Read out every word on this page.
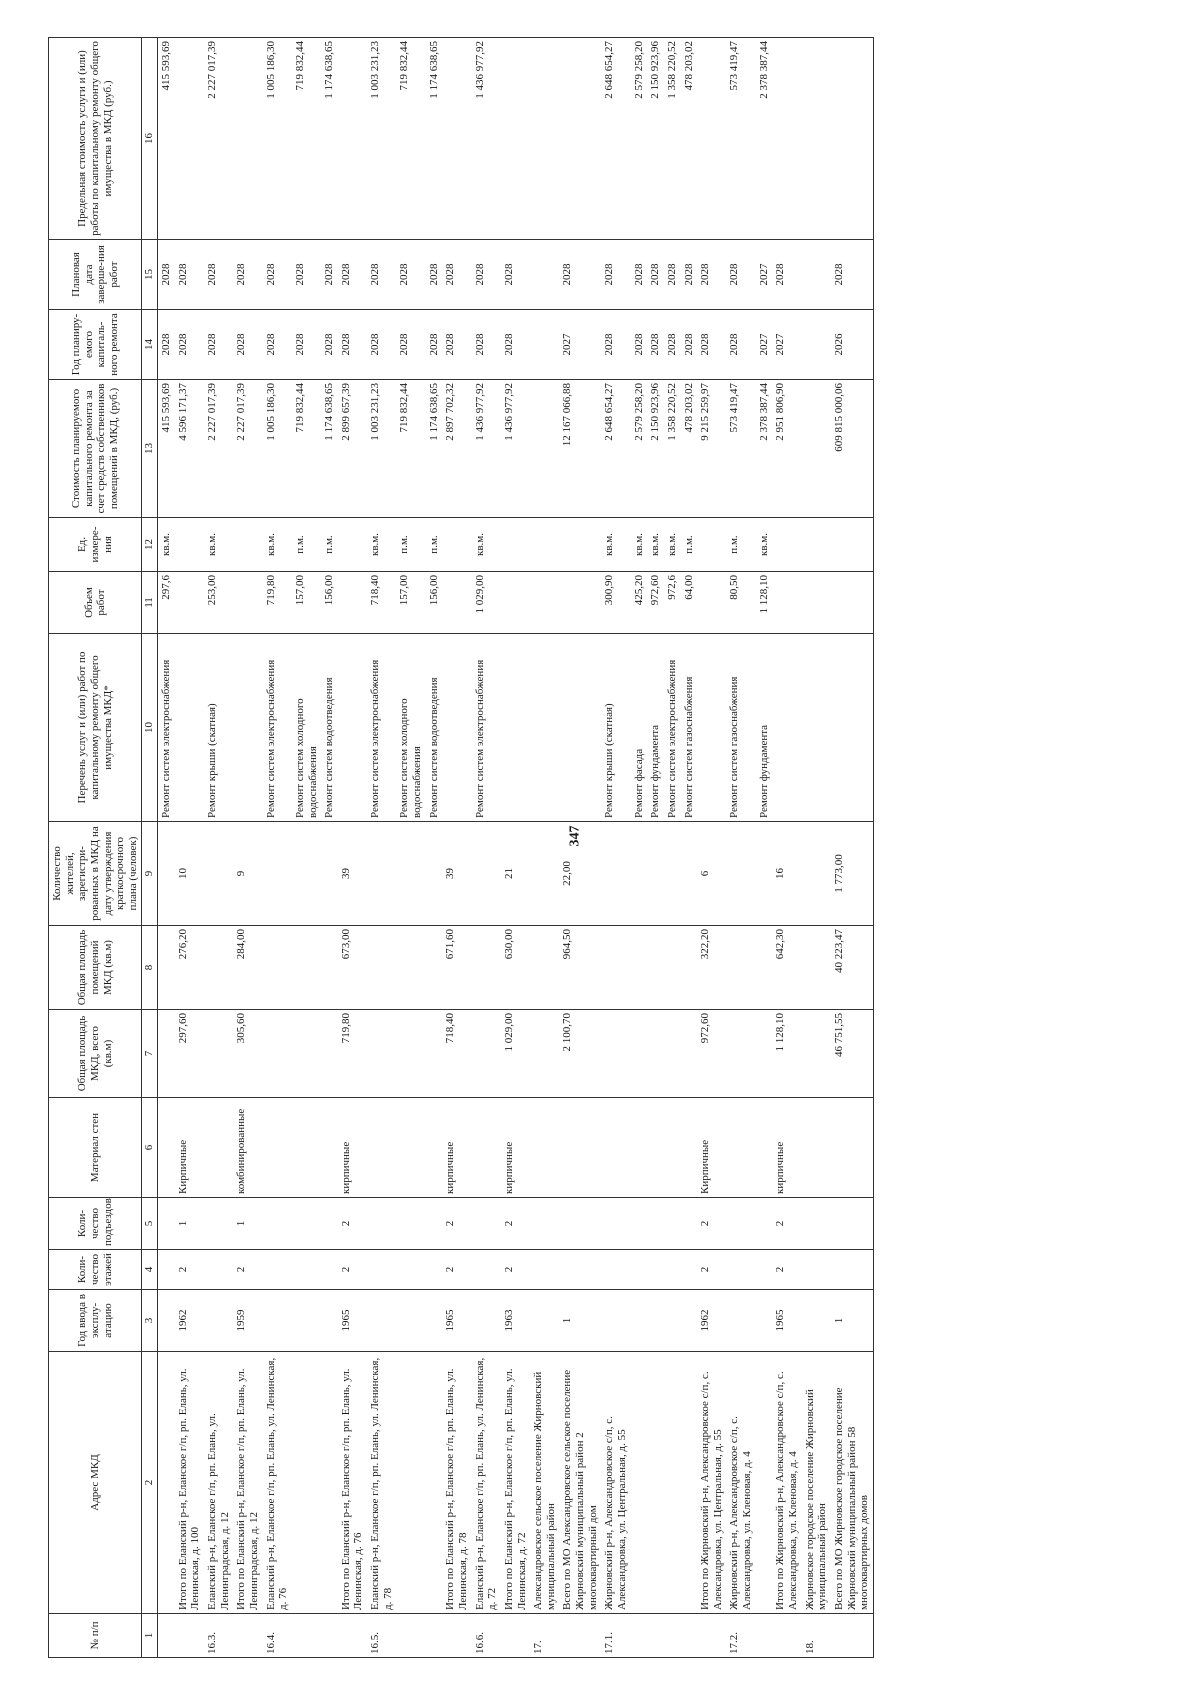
347
№ п/п	Адрес МКД	Год ввода в эксплу-атацию	Коли-чество этажей	Коли-чество подъездов	Материал стен	Общая площадь МКД, всего (кв.м)	Общая площадь помещений МКД (кв.м)	Количество жителей, зарегистри-рованных в МКД на дату утверждения краткосрочного плана (человек)	Перечень услуг и (или) работ по капитальному ремонту общего имущества МКД*	Объем работ	Ед. измере-ния	Стоимость планируемого капитального ремонта за счет средств собственников помещений в МКД, (руб.)	Год планиру-емого капиталь-ного ремонта	Плановая дата заверше-ния работ	Предельная стоимость услуги и (или) работы по капитальному ремонту общего имущества в МКД (руб.)
1	2	3	4	5	6	7	8	9	10	11	12	13	14	15	16
									Ремонт систем электроснабжения	297,6	кв.м.	415 593,69	2028	2028	415 593,69
	Итого по Еланский р-н, Еланское г/п, рп. Елань, ул. Ленинская, д. 100	1962	2	1	Кирпичные	297,60	276,20	10				4 596 171,37	2028	2028	
16.3.	Еланский р-н, Еланское г/п, рп. Елань, ул. Ленинградская, д. 12								Ремонт крыши (скатная)	253,00	кв.м.	2 227 017,39	2028	2028	2 227 017,39
	Итого по Еланский р-н, Еланское г/п, рп. Елань, ул. Ленинградская, д. 12	1959	2	1	комбинированные	305,60	284,00	9				2 227 017,39	2028	2028	
16.4.	Еланский р-н, Еланское г/п, рп. Елань, ул. Ленинская, д. 76								Ремонт систем электроснабжения	719,80	кв.м.	1 005 186,30	2028	2028	1 005 186,30
									Ремонт систем холодного водоснабжения	157,00	п.м.	719 832,44	2028	2028	719 832,44
									Ремонт систем водоотведения	156,00	п.м.	1 174 638,65	2028	2028	1 174 638,65
	Итого по Еланский р-н, Еланское г/п, рп. Елань, ул. Ленинская, д. 76	1965	2	2	кирпичные	719,80	673,00	39				2 899 657,39	2028	2028	
16.5.	Еланский р-н, Еланское г/п, рп. Елань, ул. Ленинская, д. 78								Ремонт систем электроснабжения	718,40	кв.м.	1 003 231,23	2028	2028	1 003 231,23
									Ремонт систем холодного водоснабжения	157,00	п.м.	719 832,44	2028	2028	719 832,44
									Ремонт систем водоотведения	156,00	п.м.	1 174 638,65	2028	2028	1 174 638,65
	Итого по Еланский р-н, Еланское г/п, рп. Елань, ул. Ленинская, д. 78	1965	2	2	кирпичные	718,40	671,60	39				2 897 702,32	2028	2028	
16.6.	Еланский р-н, Еланское г/п, рп. Елань, ул. Ленинская, д. 72								Ремонт систем электроснабжения	1 029,00	кв.м.	1 436 977,92	2028	2028	1 436 977,92
	Итого по Еланский р-н, Еланское г/п, рп. Елань, ул. Ленинская, д. 72	1963	2	2	кирпичные	1 029,00	630,00	21				1 436 977,92	2028	2028	
17.	Александровское сельское поселение Жирновский муниципальный район														
	Всего по МО Александровское сельское поселение Жирновский муниципальный район 2 многоквартирный дом	1				2 100,70	964,50	22,00				12 167 066,88	2027	2028	
17.1.	Жирновский р-н, Александровское с/п, с. Александровка, ул. Центральная, д. 55								Ремонт крыши (скатная)	300,90	кв.м.	2 648 654,27	2028	2028	2 648 654,27
									Ремонт фасада	425,20	кв.м.	2 579 258,20	2028	2028	2 579 258,20
									Ремонт фундамента	972,60	кв.м.	2 150 923,96	2028	2028	2 150 923,96
									Ремонт систем электроснабжения	972,6	кв.м.	1 358 220,52	2028	2028	1 358 220,52
									Ремонт систем газоснабжения	64,00	п.м.	478 203,02	2028	2028	478 203,02
	Итого по Жирновский р-н, Александровское с/п, с. Александровка, ул. Центральная, д. 55	1962	2	2	Кирпичные	972,60	322,20	6				9 215 259,97	2028	2028	
17.2.	Жирновский р-н, Александровское с/п, с. Александровка, ул. Кленовая, д. 4								Ремонт систем газоснабжения	80,50	п.м.	573 419,47	2028	2028	573 419,47
									Ремонт фундамента	1 128,10	кв.м.	2 378 387,44	2027	2027	2 378 387,44
	Итого по Жирновский р-н, Александровское с/п, с. Александровка, ул. Кленовая, д. 4	1965	2	2	кирпичные	1 128,10	642,30	16				2 951 806,90	2027	2028	
18.	Жирновское городское поселение Жирновский муниципальный район														
	Всего по МО Жирновское городское поселение Жирновский муниципальный район 58 многоквартирных домов	1				46 751,55	40 223,47	1 773,00				609 815 000,06	2026	2028	
